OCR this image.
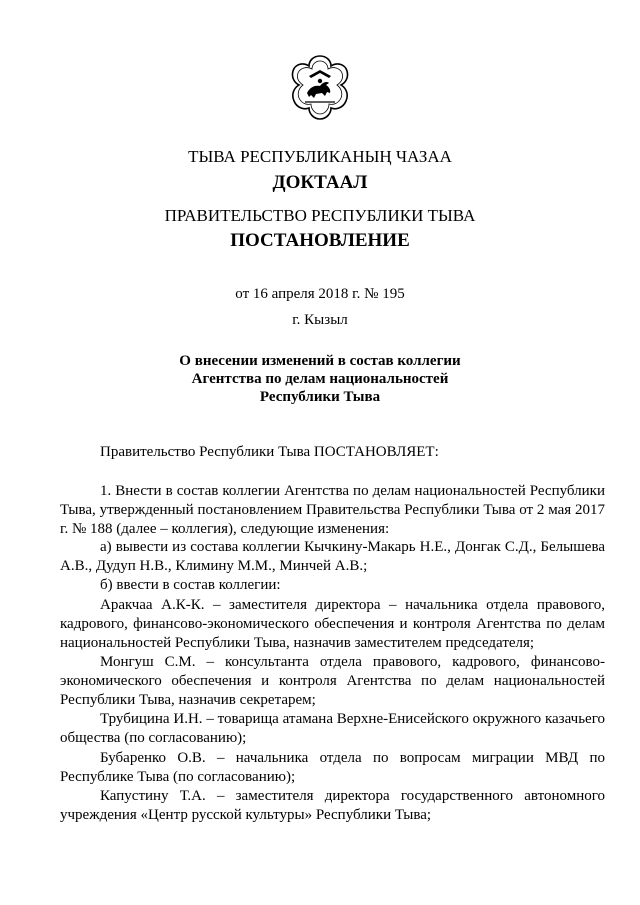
ТЫВА РЕСПУБЛИКАНЫҢ ЧАЗАА
ДОКТААЛ
ПРАВИТЕЛЬСТВО РЕСПУБЛИКИ ТЫВА
ПОСТАНОВЛЕНИЕ
от 16 апреля 2018 г. № 195
г. Кызыл
О внесении изменений в состав коллегии
Агентства по делам национальностей
Республики Тыва
Правительство Республики Тыва ПОСТАНОВЛЯЕТ:
1. Внести в состав коллегии Агентства по делам национальностей Республики Тыва, утвержденный постановлением Правительства Республики Тыва от 2 мая 2017 г. № 188 (далее – коллегия), следующие изменения:
а) вывести из состава коллегии Кычкину-Макарь Н.Е., Донгак С.Д., Белышева А.В., Дудуп Н.В., Климину М.М., Минчей А.В.;
б) ввести в состав коллегии:
Аракчаа А.К-К. – заместителя директора – начальника отдела правового, кадрового, финансово-экономического обеспечения и контроля Агентства по делам национальностей Республики Тыва, назначив заместителем председателя;
Монгуш С.М. – консультанта отдела правового, кадрового, финансово-экономического обеспечения и контроля Агентства по делам национальностей Республики Тыва, назначив секретарем;
Трубицина И.Н. – товарища атамана Верхне-Енисейского окружного казачьего общества (по согласованию);
Бубаренко О.В. – начальника отдела по вопросам миграции МВД по Республике Тыва (по согласованию);
Капустину Т.А. – заместителя директора государственного автономного учреждения «Центр русской культуры» Республики Тыва;
